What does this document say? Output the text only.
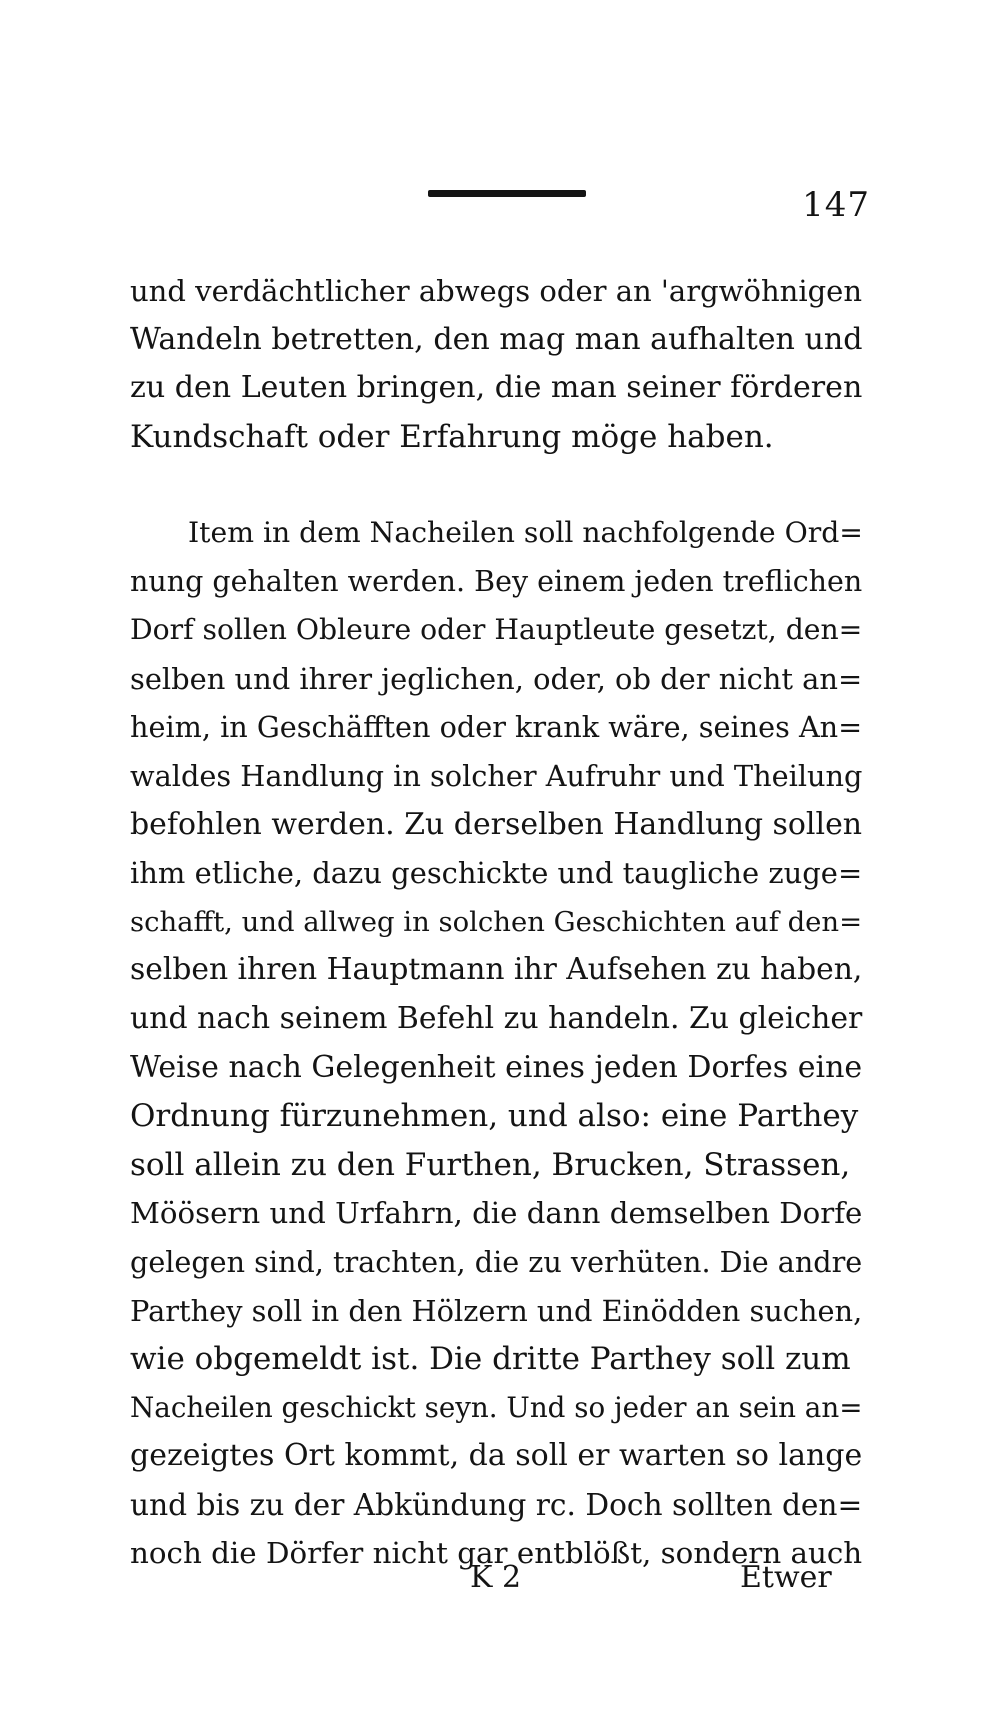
147
und verdächtlicher abwegs oder an 'argwöhnigen
Wandeln betretten, den mag man aufhalten und
zu den Leuten bringen, die man seiner förderen
Kundschaft oder Erfahrung möge haben.
Item in dem Nacheilen soll nachfolgende Ord=
nung gehalten werden. Bey einem jeden treflichen
Dorf sollen Obleure oder Hauptleute gesetzt, den=
selben und ihrer jeglichen, oder, ob der nicht an=
heim, in Geschäfften oder krank wäre, seines An=
waldes Handlung in solcher Aufruhr und Theilung
befohlen werden. Zu derselben Handlung sollen
ihm etliche, dazu geschickte und taugliche zuge=
schafft, und allweg in solchen Geschichten auf den=
selben ihren Hauptmann ihr Aufsehen zu haben,
und nach seinem Befehl zu handeln. Zu gleicher
Weise nach Gelegenheit eines jeden Dorfes eine
Ordnung fürzunehmen, und also: eine Parthey
soll allein zu den Furthen, Brucken, Strassen,
Möösern und Urfahrn, die dann demselben Dorfe
gelegen sind, trachten, die zu verhüten. Die andre
Parthey soll in den Hölzern und Einödden suchen,
wie obgemeldt ist. Die dritte Parthey soll zum
Nacheilen geschickt seyn. Und so jeder an sein an=
gezeigtes Ort kommt, da soll er warten so lange
und bis zu der Abkündung rc. Doch sollten den=
noch die Dörfer nicht gar entblößt, sondern auch
K 2	Etwer
